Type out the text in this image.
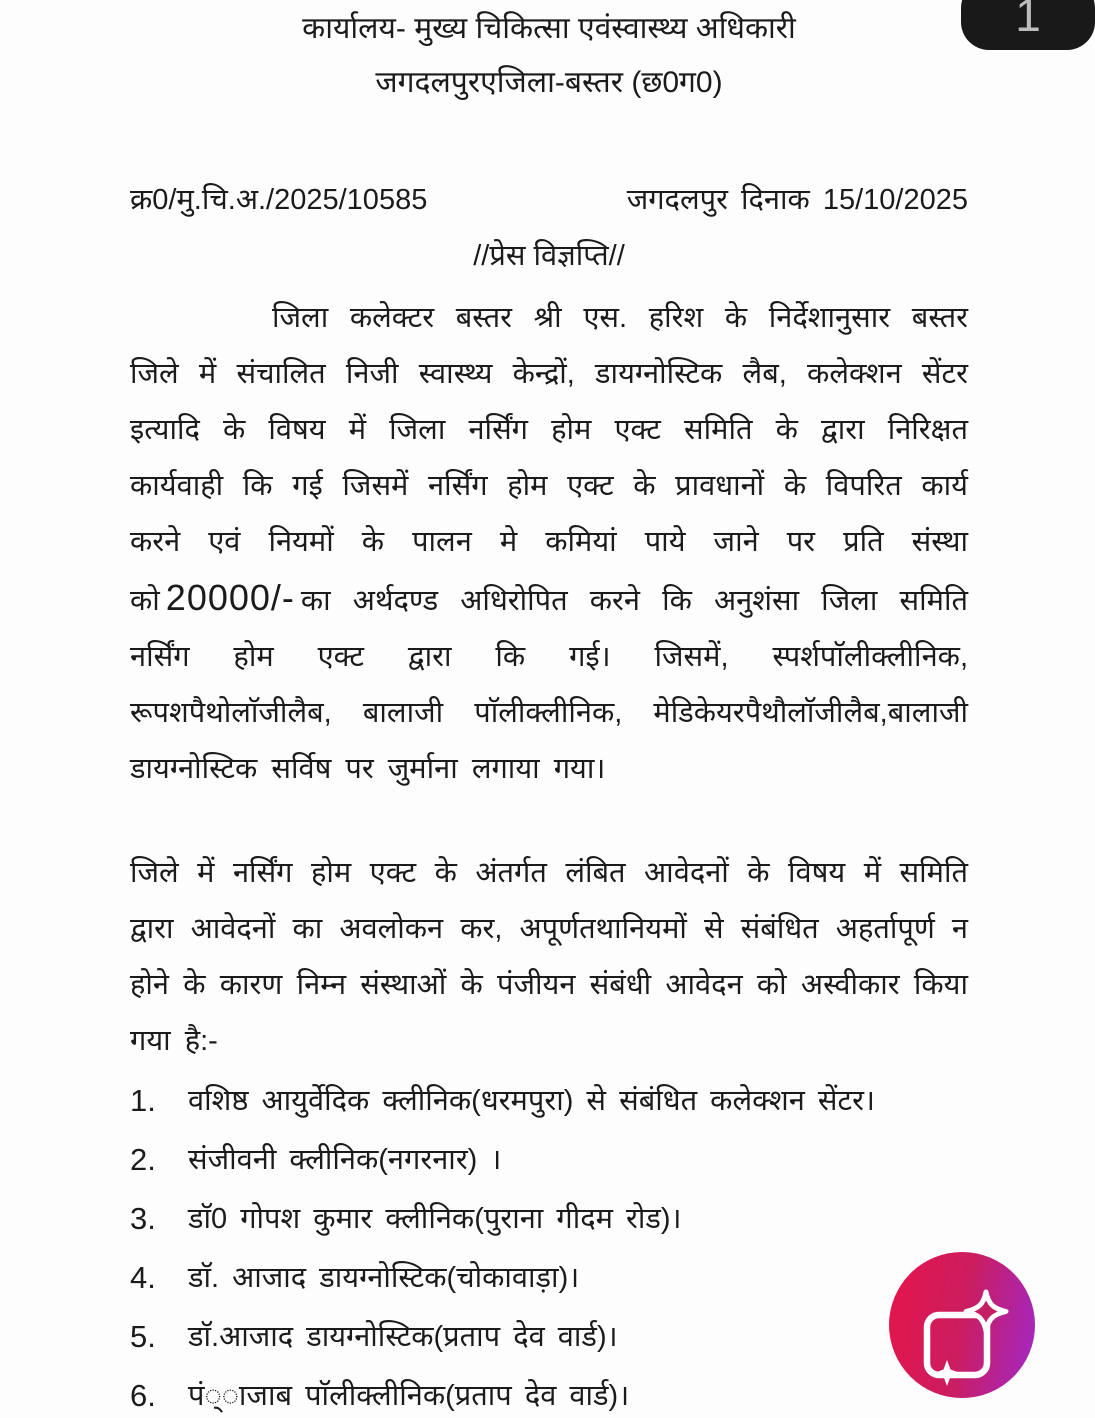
1
कार्यालय- मुख्य चिकित्सा एवंस्वास्थ्य अधिकारी
जगदलपुरएजिला-बस्तर (छ0ग0)
क्र0/मु.चि.अ./2025/10585	जगदलपुर दिनाक 15/10/2025
//प्रेस विज्ञप्ति//

जिला कलेक्टर बस्तर श्री एस. हरिश के निर्देशानुसार बस्तर जिले में संचालित निजी स्वास्थ्य केन्द्रों, डायग्नोस्टिक लैब, कलेक्शन सेंटर इत्यादि के विषय में जिला नर्सिंग होम एक्ट समिति के द्वारा निरिक्षत कार्यवाही कि गई जिसमें नर्सिंग होम एक्ट के प्रावधानों के विपरित कार्य करने एवं नियमों के पालन मे कमियां पाये जाने पर प्रति संस्था को 20000/- का अर्थदण्ड अधिरोपित करने कि अनुशंसा जिला समिति नर्सिंग होम एक्ट द्वारा कि गई। जिसमें, स्पर्शपाॅलीक्लीनिक, रूपशपैथोलाॅजीलैब, बालाजी पाॅलीक्लीनिक, मेडिकेयरपैथौलाॅजीलैब,बालाजी डायग्नोस्टिक सर्विष पर जुर्माना लगाया गया।

जिले में नर्सिंग होम एक्ट के अंतर्गत लंबित आवेदनों के विषय में समिति द्वारा आवेदनों का अवलोकन कर, अपूर्णतथानियमों से संबंधित अहर्तापूर्ण न होने के कारण निम्न संस्थाओं के पंजीयन संबंधी आवेदन को अस्वीकार किया गया है:-

1.	वशिष्ठ आयुर्वेदिक क्लीनिक(धरमपुरा) से संबंधित कलेक्शन सेंटर।
2.	संजीवनी क्लीनिक(नगरनार) ।
3.	डाॅ0 गोपश कुमार क्लीनिक(पुराना गीदम रोड)।
4.	डाॅ. आजाद डायग्नोस्टिक(चोकावाड़ा)।
5.	डाॅ.आजाद डायग्नोस्टिक(प्रताप देव वार्ड)।
6.	पं्ाजाब पाॅलीक्लीनिक(प्रताप देव वार्ड)।
